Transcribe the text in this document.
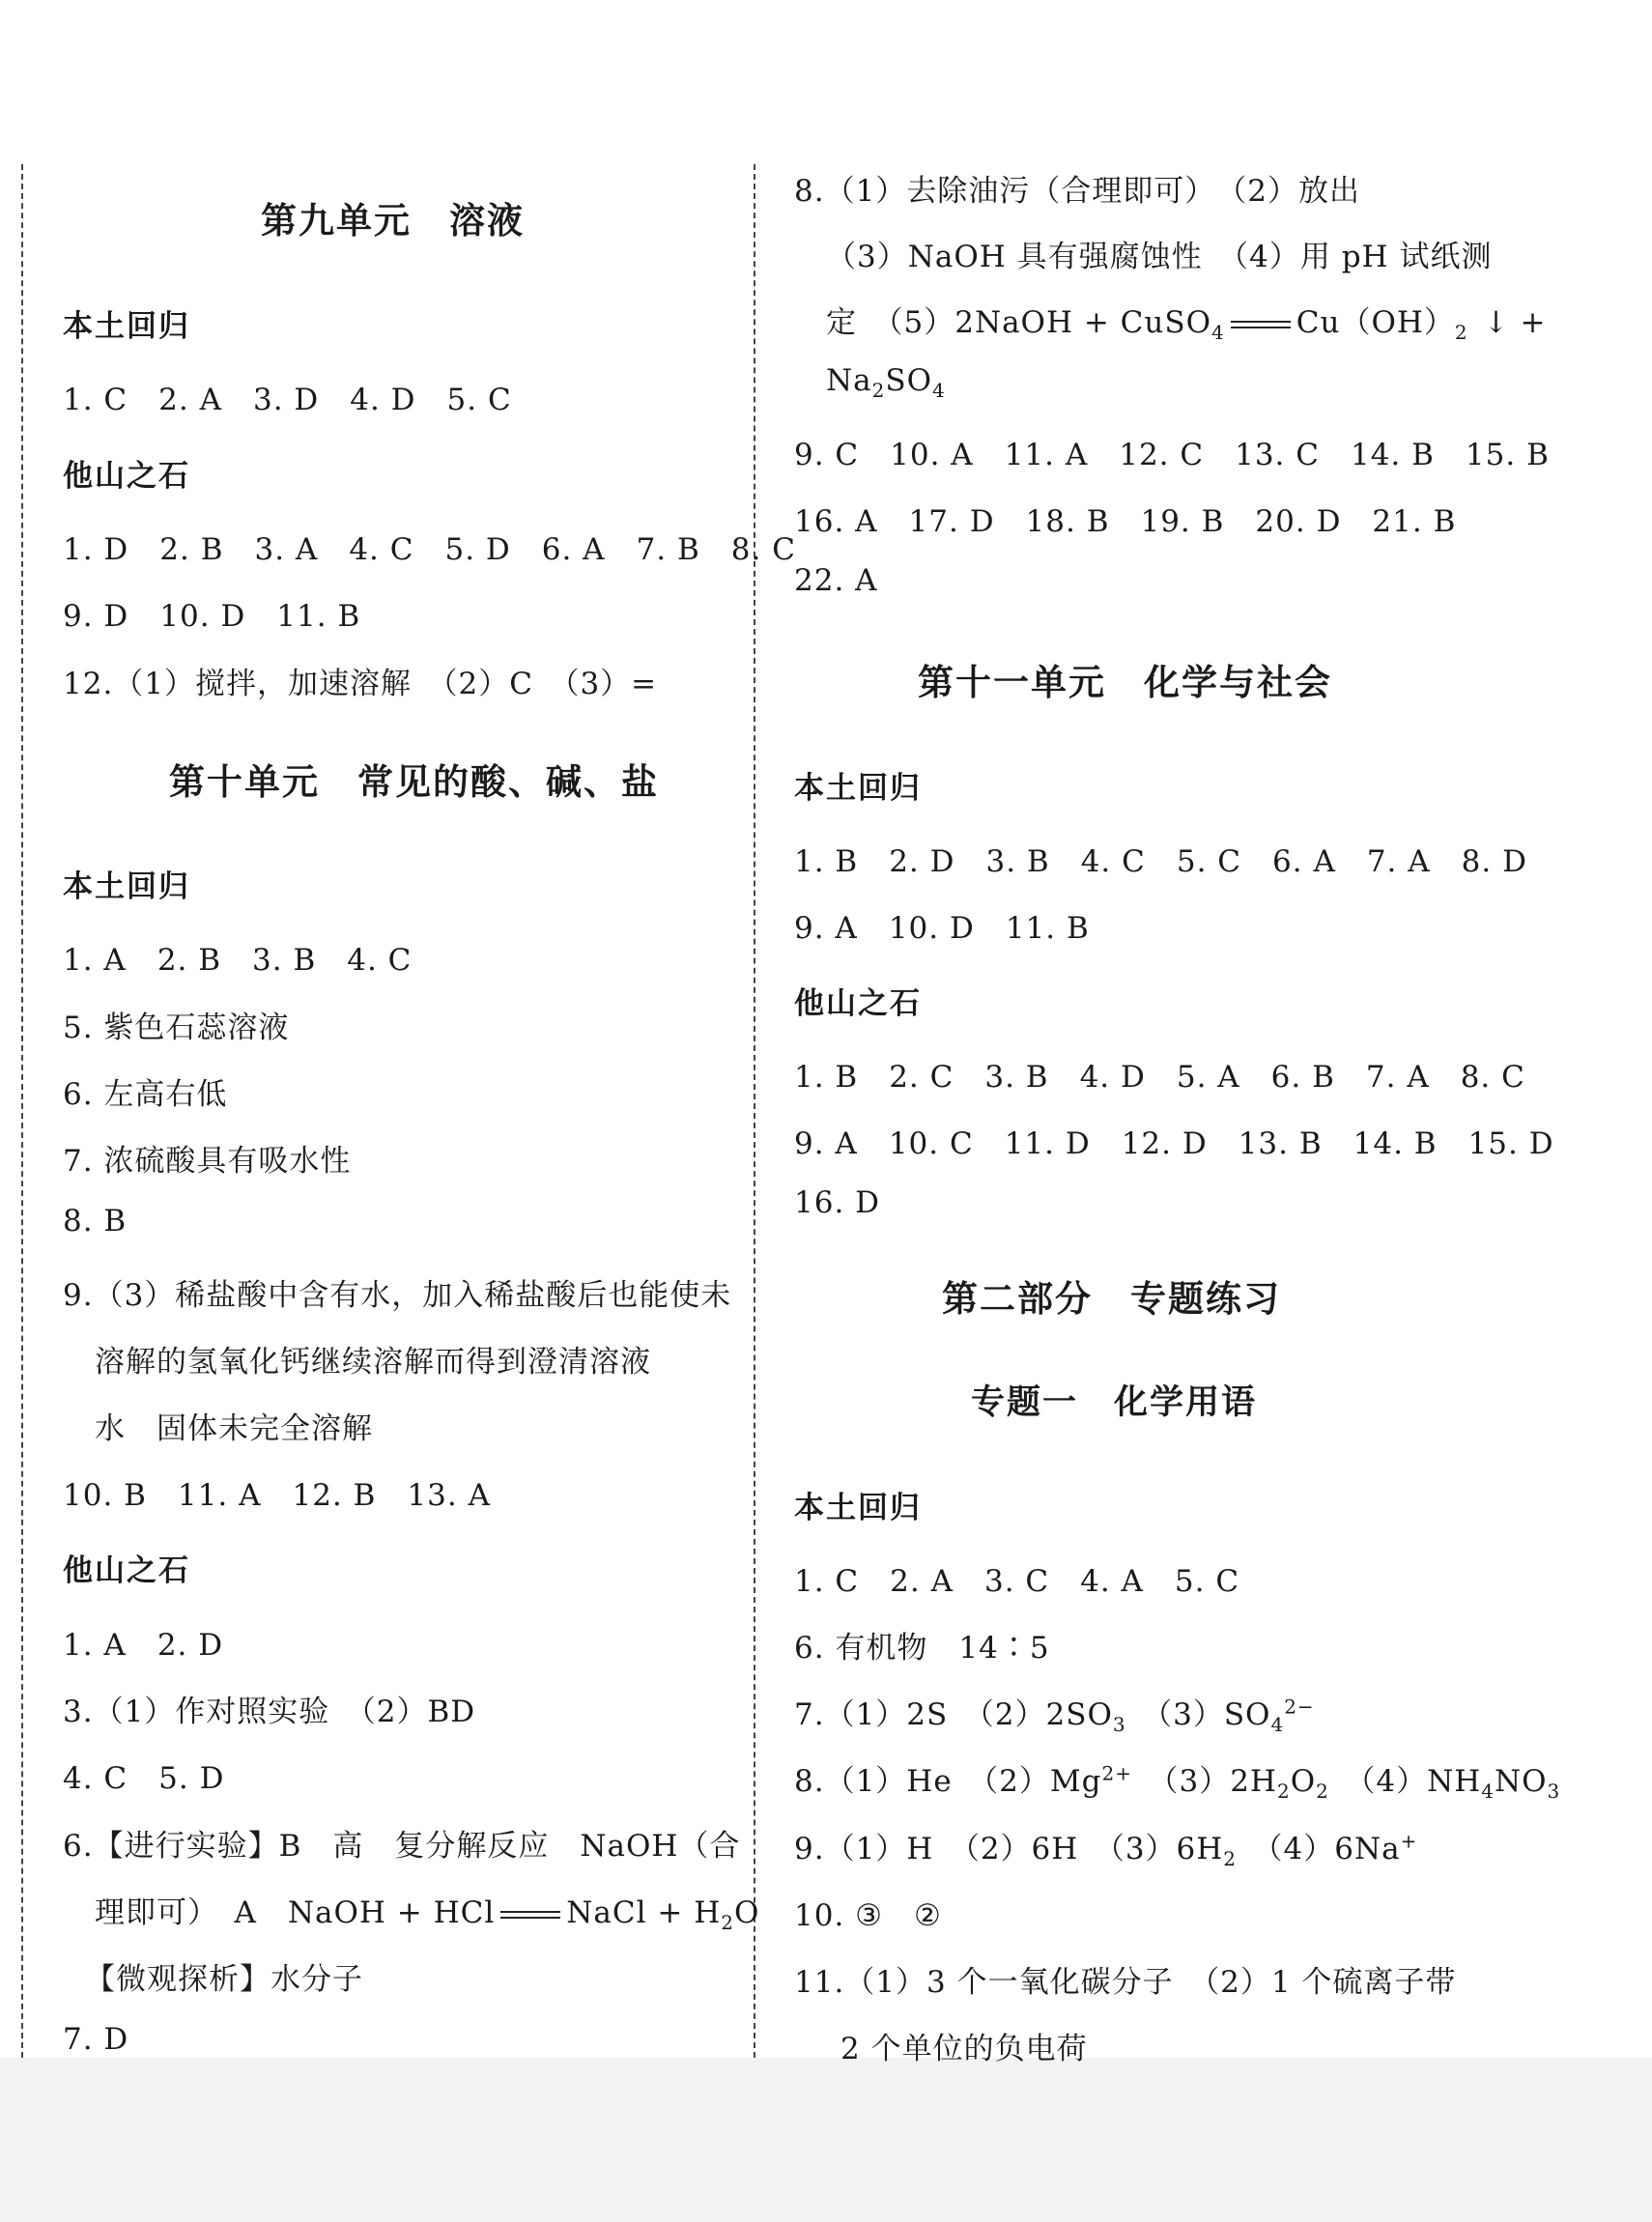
第九单元　溶液
本土回归
1. C　2. A　3. D　4. D　5. C
他山之石
1. D　2. B　3. A　4. C　5. D　6. A　7. B　8. C
9. D　10. D　11. B
12.（1）搅拌，加速溶解　（2）C　（3）=
第十单元　常见的酸、碱、盐
本土回归
1. A　2. B　3. B　4. C
5. 紫色石蕊溶液
6. 左高右低
7. 浓硫酸具有吸水性
8. B
9.（3）稀盐酸中含有水，加入稀盐酸后也能使未
溶解的氢氧化钙继续溶解而得到澄清溶液
水　固体未完全溶解
10. B　11. A　12. B　13. A
他山之石
1. A　2. D
3.（1）作对照实验　（2）BD
4. C　5. D
6.【进行实验】B　高　复分解反应　NaOH（合
理即可）　A　NaOH + HCl NaCl + $H_2O$
【微观探析】水分子
7. D
8.（1）去除油污（合理即可）　（2）放出
（3）NaOH 具有强腐蚀性　（4）用 pH 试纸测
定　（5）2NaOH + CuSO$_4$ $Cu(OH)_2$ ↓ +
$Na_2SO_4$
9. C　10. A　11. A　12. C　13. C　14. B　15. B
16. A　17. D　18. B　19. B　20. D　21. B
22. A
第十一单元　化学与社会
本土回归
1. B　2. D　3. B　4. C　5. C　6. A　7. A　8. D
9. A　10. D　11. B
他山之石
1. B　2. C　3. B　4. D　5. A　6. B　7. A　8. C
9. A　10. C　11. D　12. D　13. B　14. B　15. D
16. D
第二部分　专题练习
专题一　化学用语
本土回归
1. C　2. A　3. C　4. A　5. C
6. 有机物　14∶5
7.（1）2S　$(2)2SO_3$　$(3)SO_4^{2-}$
8.（1）He　$(2)Mg^{2+}$　$(3)2H_2O_2$　$(4)NH_4NO_3$
9.（1）H　（2）6H　$(3)6H_2$　（4）6Na+
10. ③　②
11.（1）3 个一氧化碳分子　（2）1 个硫离子带
2 个单位的负电荷
